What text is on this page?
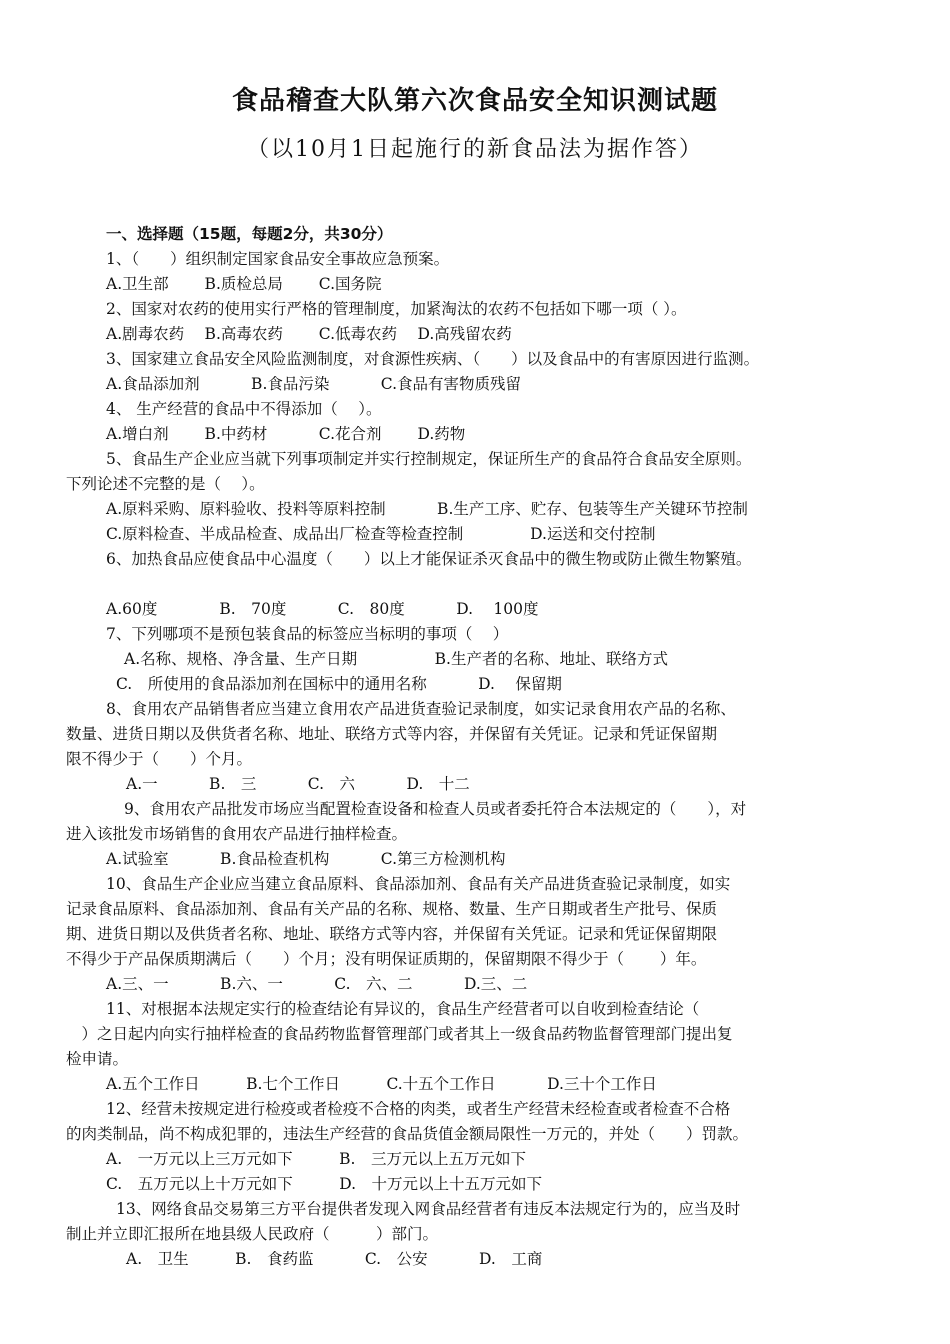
食品稽查大队第六次食品安全知识测试题
（以10月1日起施行的新食品法为据作答）
一、选择题（15题，每题2分，共30分）
1、（　　）组织制定国家食品安全事故应急预案。
A.卫生部　　 B.质检总局　　 C.国务院
2、国家对农药的使用实行严格的管理制度，加紧淘汰的农药不包括如下哪一项（ ）。
A.剧毒农药　 B.高毒农药　　 C.低毒农药　 D.高残留农药
3、国家建立食品安全风险监测制度，对食源性疾病、（　　）以及食品中的有害原因进行监测。
A.食品添加剂　　　 B.食品污染　　　 C.食品有害物质残留
4、 生产经营的食品中不得添加（　 ）。
A.增白剂　　 B.中药材　　　 C.花合剂　　 D.药物
5、食品生产企业应当就下列事项制定并实行控制规定，保证所生产的食品符合食品安全原则。
下列论述不完整的是（　 ）。
A.原料采购、原料验收、投料等原料控制　　　 B.生产工序、贮存、包装等生产关键环节控制
C.原料检查、半成品检查、成品出厂检查等检查控制　　　　 D.运送和交付控制
6、加热食品应使食品中心温度（　　）以上才能保证杀灭食品中的微生物或防止微生物繁殖。
A.60度　　　　B.　70度　　　 C.　80度　　　 D.　 100度
7、下列哪项不是预包装食品的标签应当标明的事项（　 ）
A.名称、规格、净含量、生产日期　　　　　B.生产者的名称、地址、联络方式
C.　所使用的食品添加剂在国标中的通用名称　　　 D.　 保留期
8、食用农产品销售者应当建立食用农产品进货查验记录制度，如实记录食用农产品的名称、
数量、进货日期以及供货者名称、地址、联络方式等内容，并保留有关凭证。记录和凭证保留期
限不得少于（　　）个月。
A.一　　　 B.　三　　　 C.　六　　　 D.　十二
9、食用农产品批发市场应当配置检查设备和检查人员或者委托符合本法规定的（　　），对
进入该批发市场销售的食用农产品进行抽样检查。
A.试验室　　　 B.食品检查机构　　　 C.第三方检测机构
10、食品生产企业应当建立食品原料、食品添加剂、食品有关产品进货查验记录制度，如实
记录食品原料、食品添加剂、食品有关产品的名称、规格、数量、生产日期或者生产批号、保质
期、进货日期以及供货者名称、地址、联络方式等内容，并保留有关凭证。记录和凭证保留期限
不得少于产品保质期满后（　　）个月；没有明保证质期的，保留期限不得少于（　　 ）年。
A.三、一　　　 B.六、一　　　 C.　六、二　　　 D.三、二
11、对根据本法规定实行的检查结论有异议的，食品生产经营者可以自收到检查结论（
　）之日起内向实行抽样检查的食品药物监督管理部门或者其上一级食品药物监督管理部门提出复
检申请。
A.五个工作日　　　B.七个工作日　　　C.十五个工作日　　　 D.三十个工作日
12、经营未按规定进行检疫或者检疫不合格的肉类，或者生产经营未经检查或者检查不合格
的肉类制品，尚不构成犯罪的，违法生产经营的食品货值金额局限性一万元的，并处（　　）罚款。
A.　一万元以上三万元如下　　　B.　三万元以上五万元如下
C.　五万元以上十万元如下　　　D.　十万元以上十五万元如下
13、网络食品交易第三方平台提供者发现入网食品经营者有违反本法规定行为的，应当及时
制止并立即汇报所在地县级人民政府（　　　）部门。
A.　卫生　　　B.　食药监　　　 C.　公安　　　 D.　工商
